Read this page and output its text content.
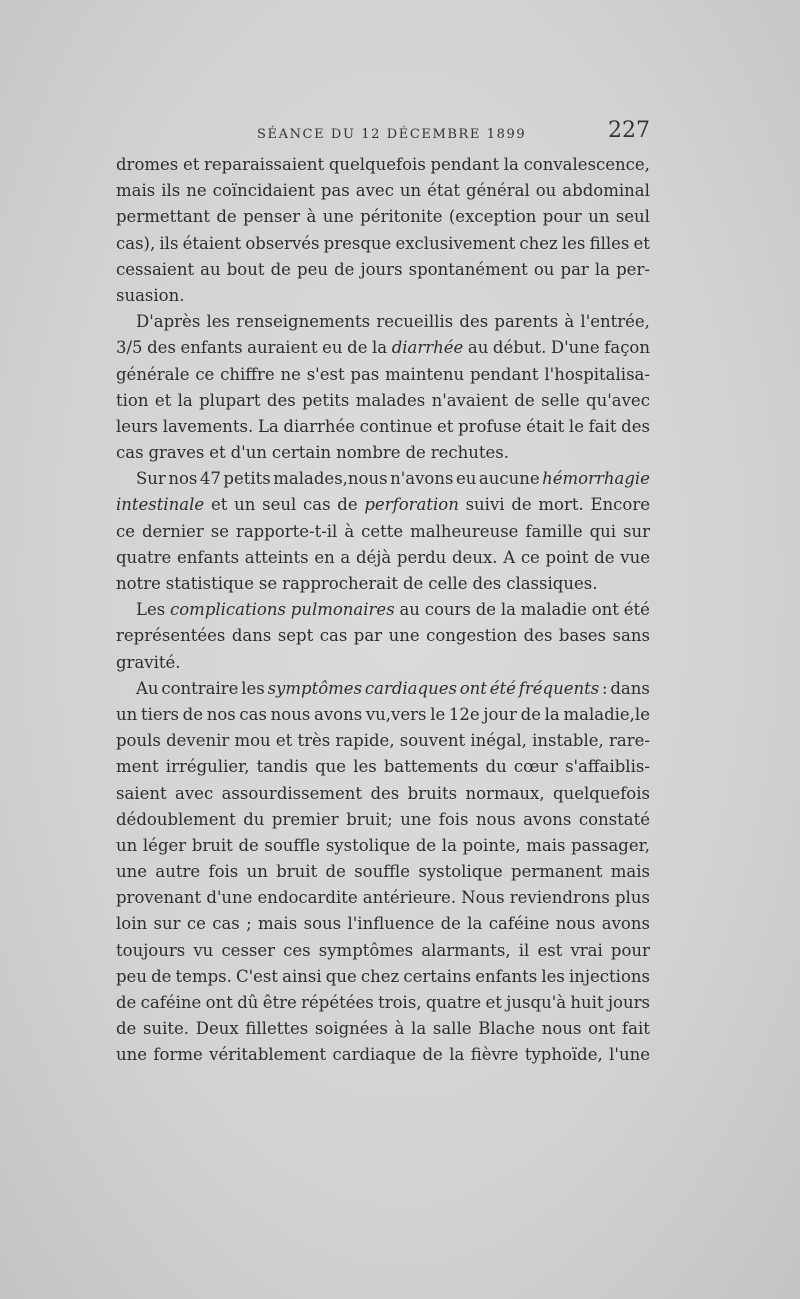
SÉANCE DU 12 DÉCEMBRE 1899	227
dromes et reparaissaient quelquefois pendant la convalescence,
mais ils ne coïncidaient pas avec un état général ou abdominal
permettant de penser à une péritonite (exception pour un seul
cas), ils étaient observés presque exclusivement chez les filles et
cessaient au bout de peu de jours spontanément ou par la per-
suasion.
D'après les renseignements recueillis des parents à l'entrée,
3/5 des enfants auraient eu de la diarrhée au début. D'une façon
générale ce chiffre ne s'est pas maintenu pendant l'hospitalisa-
tion et la plupart des petits malades n'avaient de selle qu'avec
leurs lavements. La diarrhée continue et profuse était le fait des
cas graves et d'un certain nombre de rechutes.
Sur nos 47 petits malades,nous n'avons eu aucune hémorrhagie
intestinale et un seul cas de perforation suivi de mort. Encore
ce dernier se rapporte-t-il à cette malheureuse famille qui sur
quatre enfants atteints en a déjà perdu deux. A ce point de vue
notre statistique se rapprocherait de celle des classiques.
Les complications pulmonaires au cours de la maladie ont été
représentées dans sept cas par une congestion des bases sans
gravité.
Au contraire les symptômes cardiaques ont été fréquents : dans
un tiers de nos cas nous avons vu,vers le 12e jour de la maladie,le
pouls devenir mou et très rapide, souvent inégal, instable, rare-
ment irrégulier, tandis que les battements du cœur s'affaiblis-
saient avec assourdissement des bruits normaux, quelquefois
dédoublement du premier bruit; une fois nous avons constaté
un léger bruit de souffle systolique de la pointe, mais passager,
une autre fois un bruit de souffle systolique permanent mais
provenant d'une endocardite antérieure. Nous reviendrons plus
loin sur ce cas ; mais sous l'influence de la caféine nous avons
toujours vu cesser ces symptômes alarmants, il est vrai pour
peu de temps. C'est ainsi que chez certains enfants les injections
de caféine ont dû être répétées trois, quatre et jusqu'à huit jours
de suite. Deux fillettes soignées à la salle Blache nous ont fait
une forme véritablement cardiaque de la fièvre typhoïde, l'une
